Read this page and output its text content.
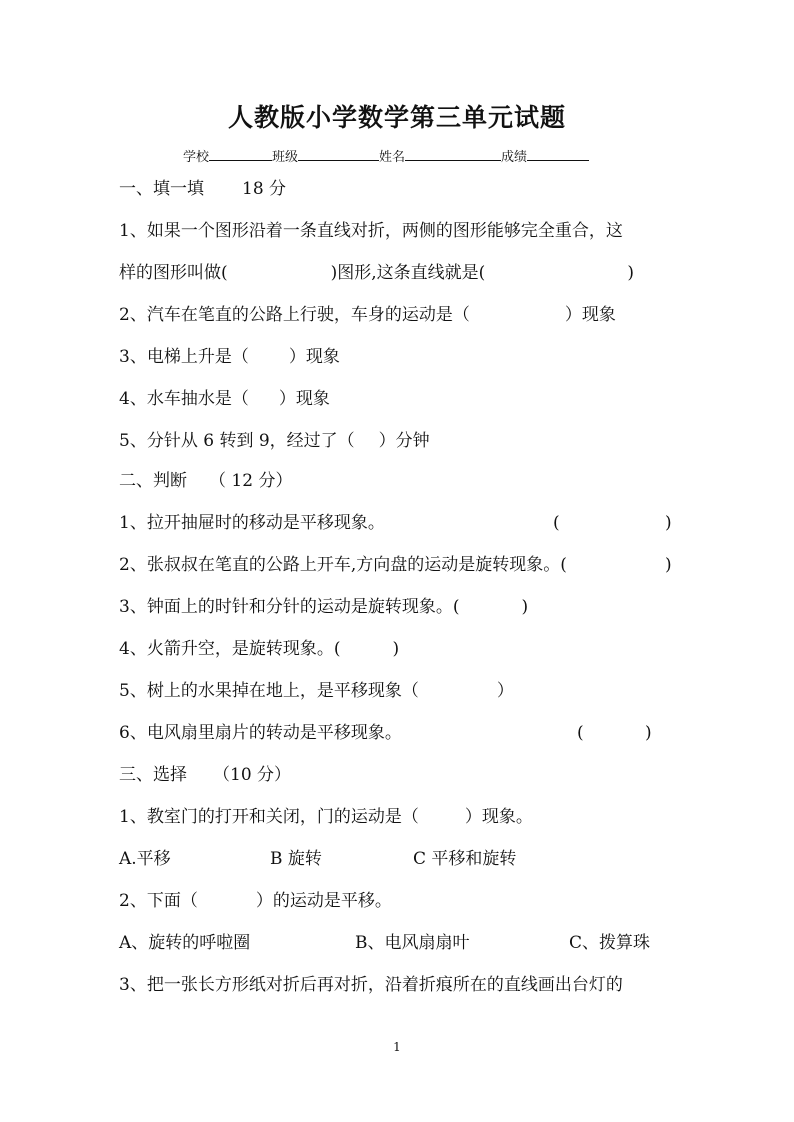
人教版小学数学第三单元试题
学校	班级	姓名	成绩
一、填一填 18 分
1、如果一个图形沿着一条直线对折，两侧的图形能够完全重合，这
样的图形叫做(	)图形,这条直线就是(	)
2、汽车在笔直的公路上行驶，车身的运动是（	）现象
3、电梯上升是（ ）现象
4、水车抽水是（ ）现象
5、分针从 6 转到 9，经过了（ ）分钟
二、判断 （ 12 分）
1、拉开抽屉时的移动是平移现象。	(	)
2、张叔叔在笔直的公路上开车,方向盘的运动是旋转现象。(	)
3、钟面上的时针和分针的运动是旋转现象。(	)
4、火箭升空，是旋转现象。(	)
5、树上的水果掉在地上，是平移现象（	）
6、电风扇里扇片的转动是平移现象。	(	)
三、选择 （10 分）
1、教室门的打开和关闭，门的运动是（	）现象。
A.平移	B 旋转	C 平移和旋转
2、下面（	）的运动是平移。
A、旋转的呼啦圈	B、电风扇扇叶	C、拨算珠
3、把一张长方形纸对折后再对折，沿着折痕所在的直线画出台灯的
1
